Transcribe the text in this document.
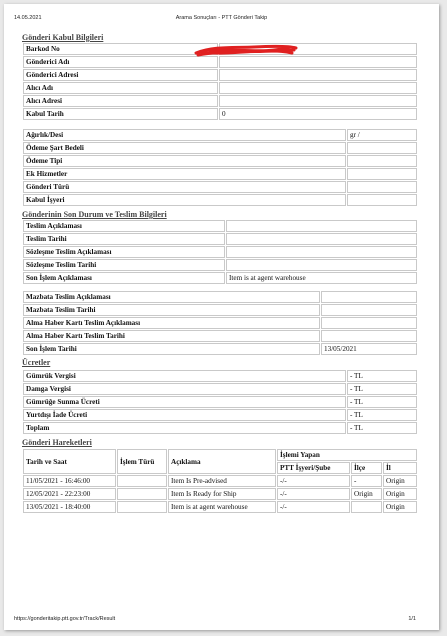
14.05.2021	Arama Sonuçları - PTT Gönderi Takip
Gönderi Kabul Bilgileri
Barkod No	
Gönderici Adı	
Gönderici Adresi	
Alıcı Adı	
Alıcı Adresi	
Kabul Tarih	0
Ağırlık/Desi	gr /
Ödeme Şart Bedeli	
Ödeme Tipi	
Ek Hizmetler	
Gönderi Türü	
Kabul İşyeri	
Gönderinin Son Durum ve Teslim Bilgileri
Teslim Açıklaması	
Teslim Tarihi	
Sözleşme Teslim Açıklaması	
Sözleşme Teslim Tarihi	
Son İşlem Açıklaması	Item is at agent warehouse
Mazbata Teslim Açıklaması	
Mazbata Teslim Tarihi	
Alma Haber Kartı Teslim Açıklaması	
Alma Haber Kartı Teslim Tarihi	
Son İşlem Tarihi	13/05/2021
Ücretler
Gümrük Vergisi	- TL
Damga Vergisi	- TL
Gümrüğe Sunma Ücreti	- TL
Yurtdışı İade Ücreti	- TL
Toplam	- TL
Gönderi Hareketleri
Tarih ve Saat	İşlem Türü	Açıklama	İşlemi Yapan		
			PTT İşyeri/Şube	İlçe	İl
11/05/2021 - 16:46:00		Item Is Pre-advised	-/-	-	Origin
12/05/2021 - 22:23:00		Item Is Ready for Ship	-/-	Origin	Origin
13/05/2021 - 18:40:00		Item is at agent warehouse	-/-		Origin
https://gonderitakip.ptt.gov.tr/Track/Result	1/1
